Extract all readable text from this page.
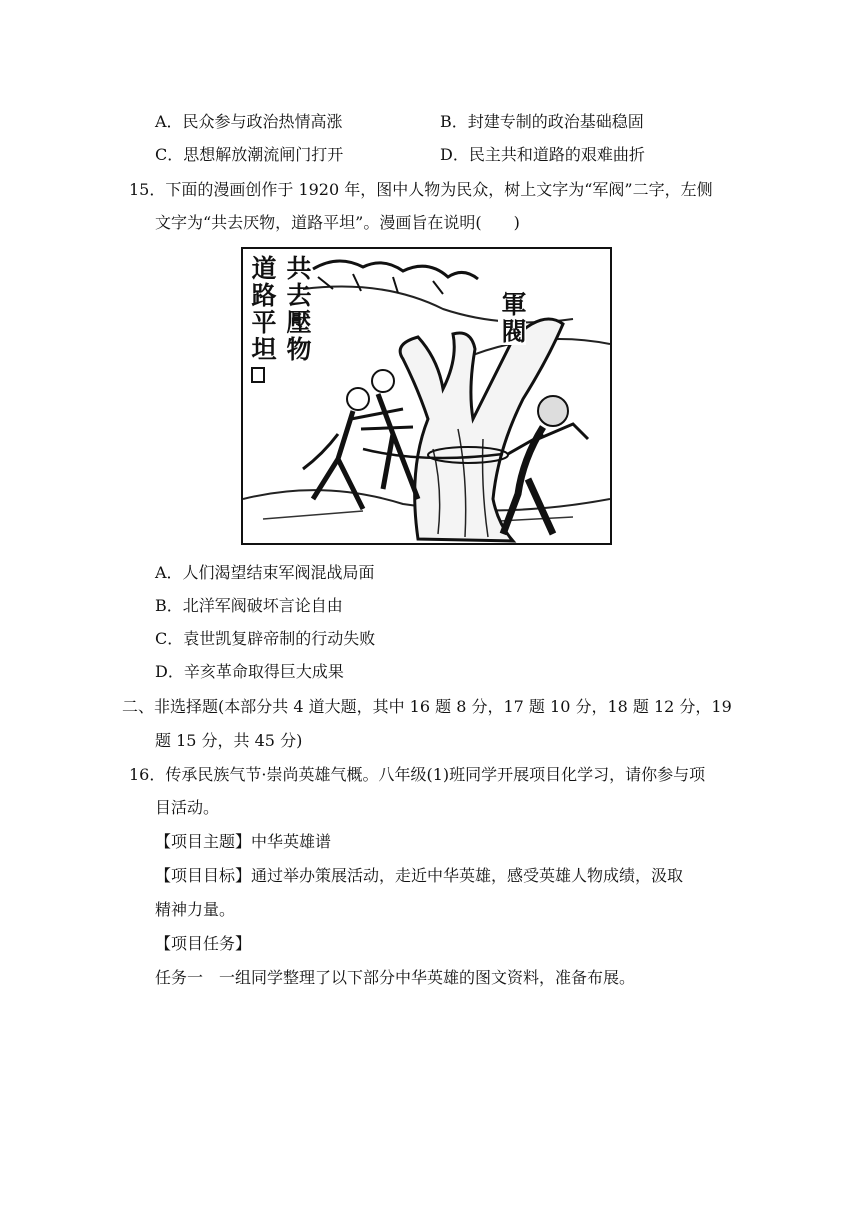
A．民众参与政治热情高涨	B．封建专制的政治基础稳固
C．思想解放潮流闸门打开	D．民主共和道路的艰难曲折
15．下面的漫画创作于 1920 年，图中人物为民众，树上文字为“军阀”二字，左侧
文字为“共去厌物，道路平坦”。漫画旨在说明(　　)
共去壓物
道路平坦	軍閥
A．人们渴望结束军阀混战局面
B．北洋军阀破坏言论自由
C．袁世凯复辟帝制的行动失败
D．辛亥革命取得巨大成果
二、非选择题(本部分共 4 道大题，其中 16 题 8 分，17 题 10 分，18 题 12 分，19
题 15 分，共 45 分)
16．传承民族气节·崇尚英雄气概。八年级(1)班同学开展项目化学习，请你参与项
目活动。
【项目主题】中华英雄谱
【项目目标】通过举办策展活动，走近中华英雄，感受英雄人物成绩，汲取
精神力量。
【项目任务】
任务一　一组同学整理了以下部分中华英雄的图文资料，准备布展。
